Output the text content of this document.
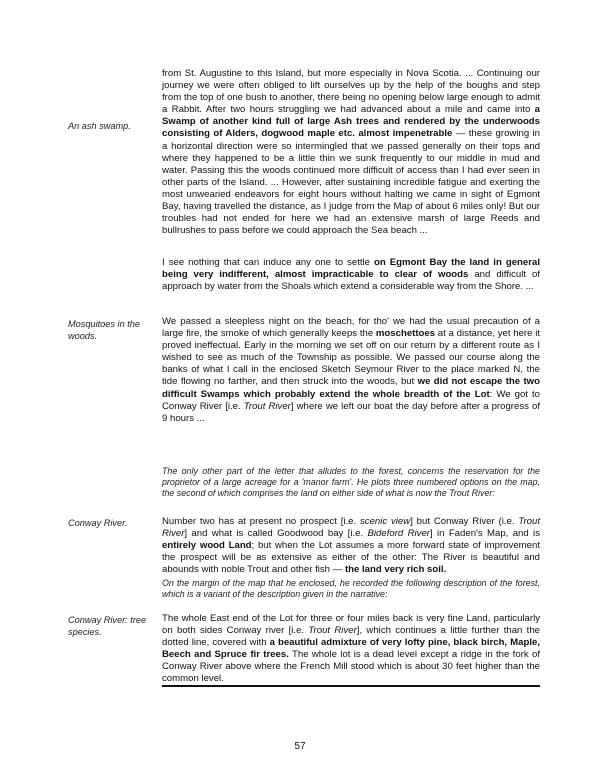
An ash swamp.
Mosquitoes in the woods.
Conway River.
Conway River: tree species.

from St. Augustine to this Island, but more especially in Nova Scotia. ... Continuing our journey we were often obliged to lift ourselves up by the help of the boughs and step from the top of one bush to another, there being no opening below large enough to admit a Rabbit. After two hours struggling we had advanced about a mile and came into a Swamp of another kind full of large Ash trees and rendered by the underwoods consisting of Alders, dogwood maple etc. almost impenetrable — these growing in a horizontal direction were so intermingled that we passed generally on their tops and where they happened to be a little thin we sunk frequently to our middle in mud and water. Passing this the woods continued more difficult of access than I had ever seen in other parts of the Island. ... However, after sustaining incredible fatigue and exerting the most unwearied endeavors for eight hours without halting we came in sight of Egmont Bay, having travelled the distance, as I judge from the Map of about 6 miles only! But our troubles had not ended for here we had an extensive marsh of large Reeds and bullrushes to pass before we could approach the Sea beach ...

I see nothing that can induce any one to settle on Egmont Bay the land in general being very indifferent, almost impracticable to clear of woods and difficult of approach by water from the Shoals which extend a considerable way from the Shore. ...

We passed a sleepless night on the beach, for tho' we had the usual precaution of a large fire, the smoke of which generally keeps the moschettoes at a distance, yet here it proved ineffectual. Early in the morning we set off on our return by a different route as I wished to see as much of the Township as possible. We passed our course along the banks of what I call in the enclosed Sketch Seymour River to the place marked N, the tide flowing no farther, and then struck into the woods, but we did not escape the two difficult Swamps which probably extend the whole breadth of the Lot: We got to Conway River [i.e. Trout River] where we left our boat the day before after a progress of 9 hours ...

The only other part of the letter that alludes to the forest, concerns the reservation for the proprietor of a large acreage for a 'manor farm'. He plots three numbered options on the map, the second of which comprises the land on either side of what is now the Trout River:

Number two has at present no prospect [i.e. scenic view] but Conway River (i.e. Trout River] and what is called Goodwood bay [i.e. Bideford River] in Faden's Map, and is entirely wood Land; but when the Lot assumes a more forward state of improvement the prospect will be as extensive as either of the other: The River is beautiful and abounds with noble Trout and other fish — the land very rich soil.

On the margin of the map that he enclosed, he recorded the following description of the forest, which is a variant of the description given in the narrative:

The whole East end of the Lot for three or four miles back is very fine Land, particularly on both sides Conway river [i.e. Trout River], which continues a little further than the dotted line, covered with a beautiful admixture of very lofty pine, black birch, Maple, Beech and Spruce fir trees. The whole lot is a dead level except a ridge in the fork of Conway River above where the French Mill stood which is about 30 feet higher than the common level.

57
